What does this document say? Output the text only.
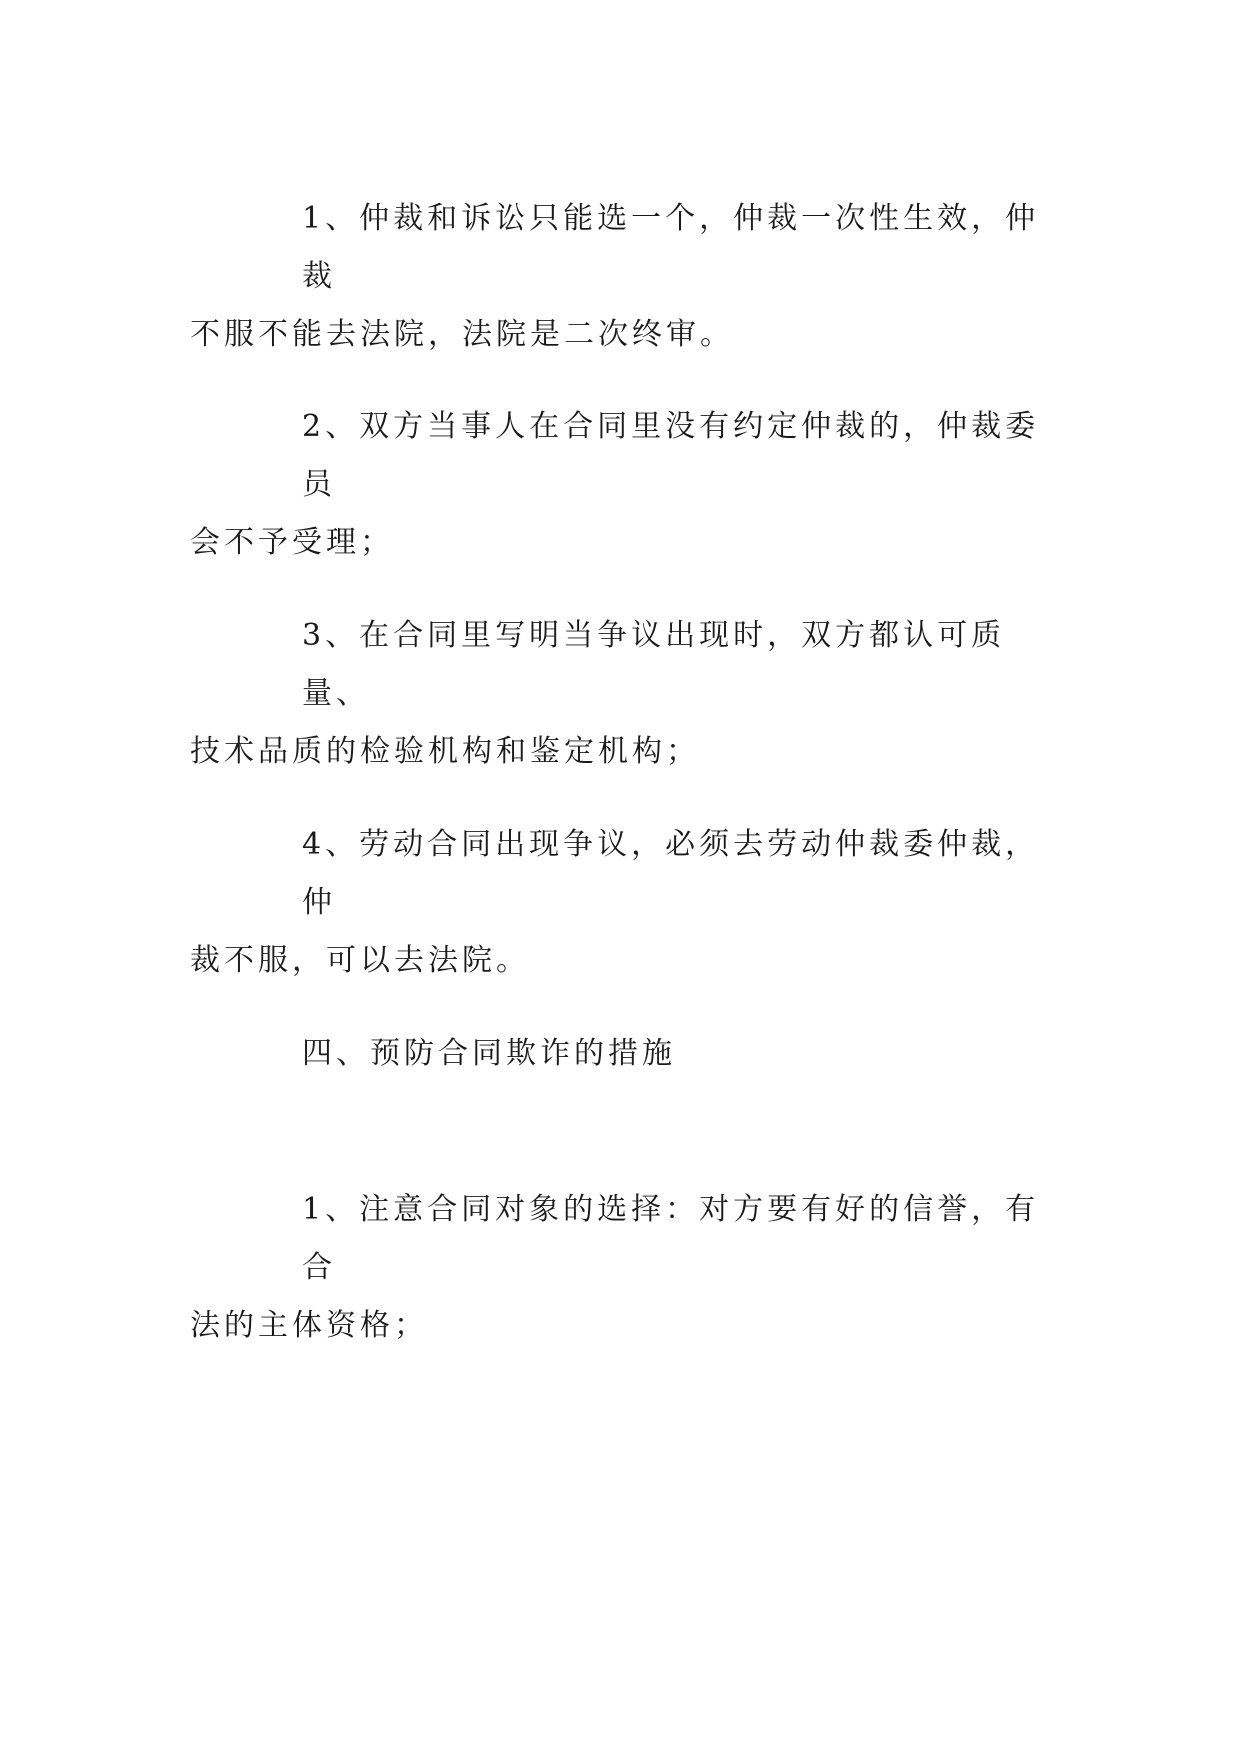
1、仲裁和诉讼只能选一个，仲裁一次性生效，仲裁
不服不能去法院，法院是二次终审。

2、双方当事人在合同里没有约定仲裁的，仲裁委员
会不予受理；

3、在合同里写明当争议出现时，双方都认可质量、
技术品质的检验机构和鉴定机构；

4、劳动合同出现争议，必须去劳动仲裁委仲裁，仲
裁不服，可以去法院。

四、预防合同欺诈的措施

1、注意合同对象的选择：对方要有好的信誉，有合
法的主体资格；
